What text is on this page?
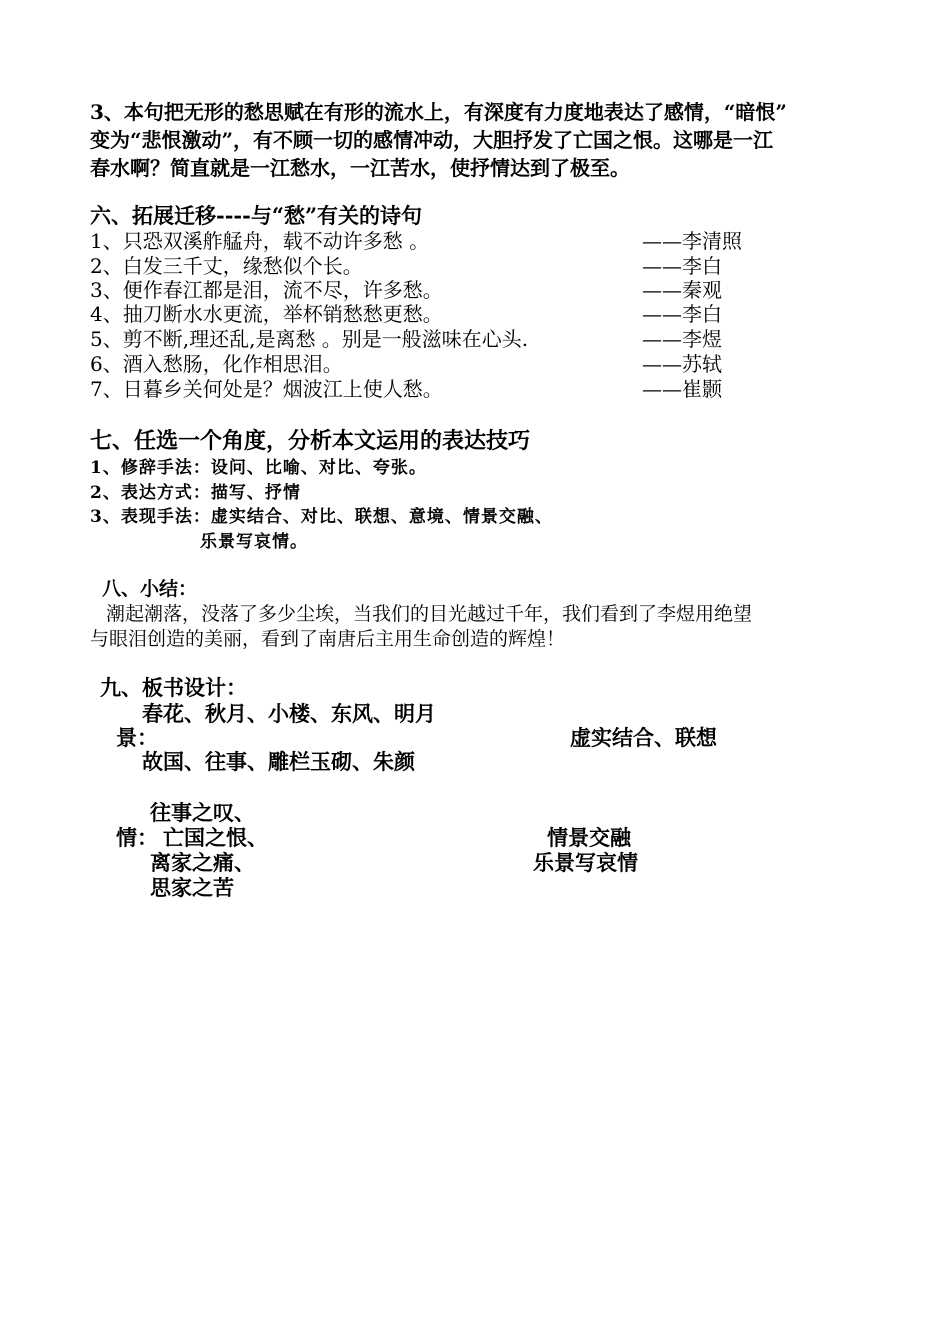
3、本句把无形的愁思赋在有形的流水上，有深度有力度地表达了感情，“暗恨”
变为“悲恨激动”，有不顾一切的感情冲动，大胆抒发了亡国之恨。这哪是一江
春水啊？简直就是一江愁水，一江苦水，使抒情达到了极至。
六、拓展迁移----与“愁”有关的诗句
1、只恐双溪舴艋舟，载不动许多愁 。	——李清照
2、白发三千丈，缘愁似个长。	——李白
3、便作春江都是泪，流不尽，许多愁。	——秦观
4、抽刀断水水更流，举杯销愁愁更愁。	——李白
5、剪不断,理还乱,是离愁 。别是一般滋味在心头.	——李煜
6、酒入愁肠，化作相思泪。	——苏轼
7、日暮乡关何处是？烟波江上使人愁。	——崔颢
七、任选一个角度，分析本文运用的表达技巧
1、修辞手法：设问、比喻、对比、夸张。
2、表达方式：描写、抒情
3、表现手法：虚实结合、对比、联想、意境、情景交融、
乐景写哀情。
八、小结：
潮起潮落，没落了多少尘埃，当我们的目光越过千年，我们看到了李煜用绝望
与眼泪创造的美丽，看到了南唐后主用生命创造的辉煌！
九、板书设计：
春花、秋月、小楼、东风、明月
景：	虚实结合、联想
故国、往事、雕栏玉砌、朱颜
往事之叹、
情： 亡国之恨、	情景交融
离家之痛、	乐景写哀情
思家之苦
